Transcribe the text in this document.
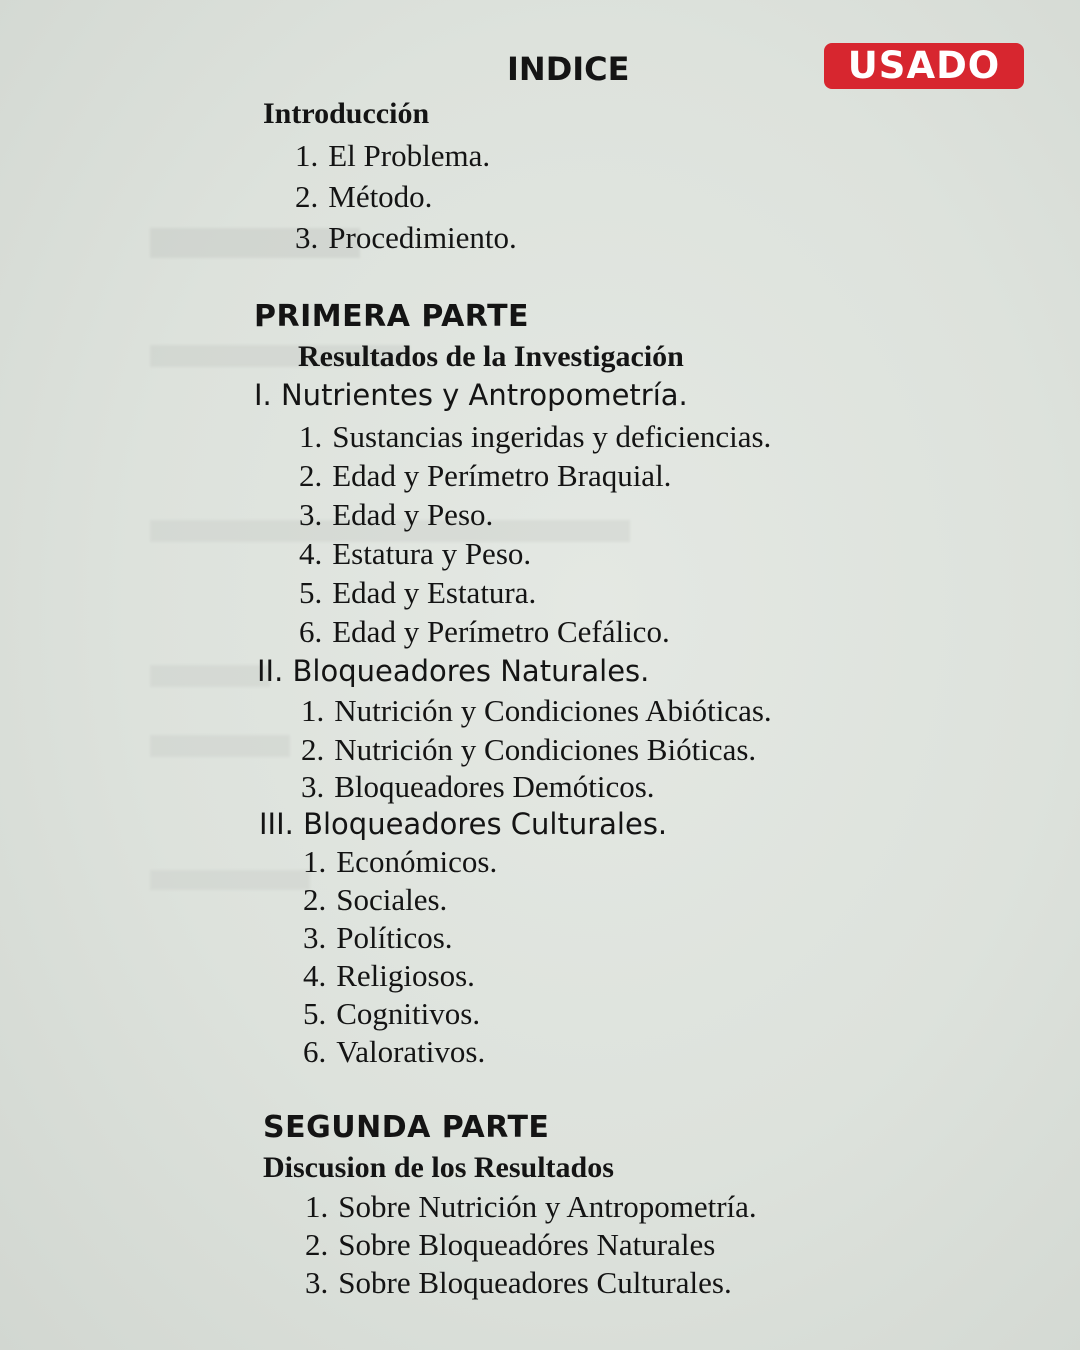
USADO
INDICE
Introducción
1. El Problema.
2. Método.
3. Procedimiento.
PRIMERA PARTE
Resultados de la Investigación
I. Nutrientes y Antropometría.
1. Sustancias ingeridas y deficiencias.
2. Edad y Perímetro Braquial.
3. Edad y Peso.
4. Estatura y Peso.
5. Edad y Estatura.
6. Edad y Perímetro Cefálico.
II. Bloqueadores Naturales.
1. Nutrición y Condiciones Abióticas.
2. Nutrición y Condiciones Bióticas.
3. Bloqueadores Demóticos.
III. Bloqueadores Culturales.
1. Económicos.
2. Sociales.
3. Políticos.
4. Religiosos.
5. Cognitivos.
6. Valorativos.
SEGUNDA PARTE
Discusion de los Resultados
1. Sobre Nutrición y Antropometría.
2. Sobre Bloqueadóres Naturales
3. Sobre Bloqueadores Culturales.
